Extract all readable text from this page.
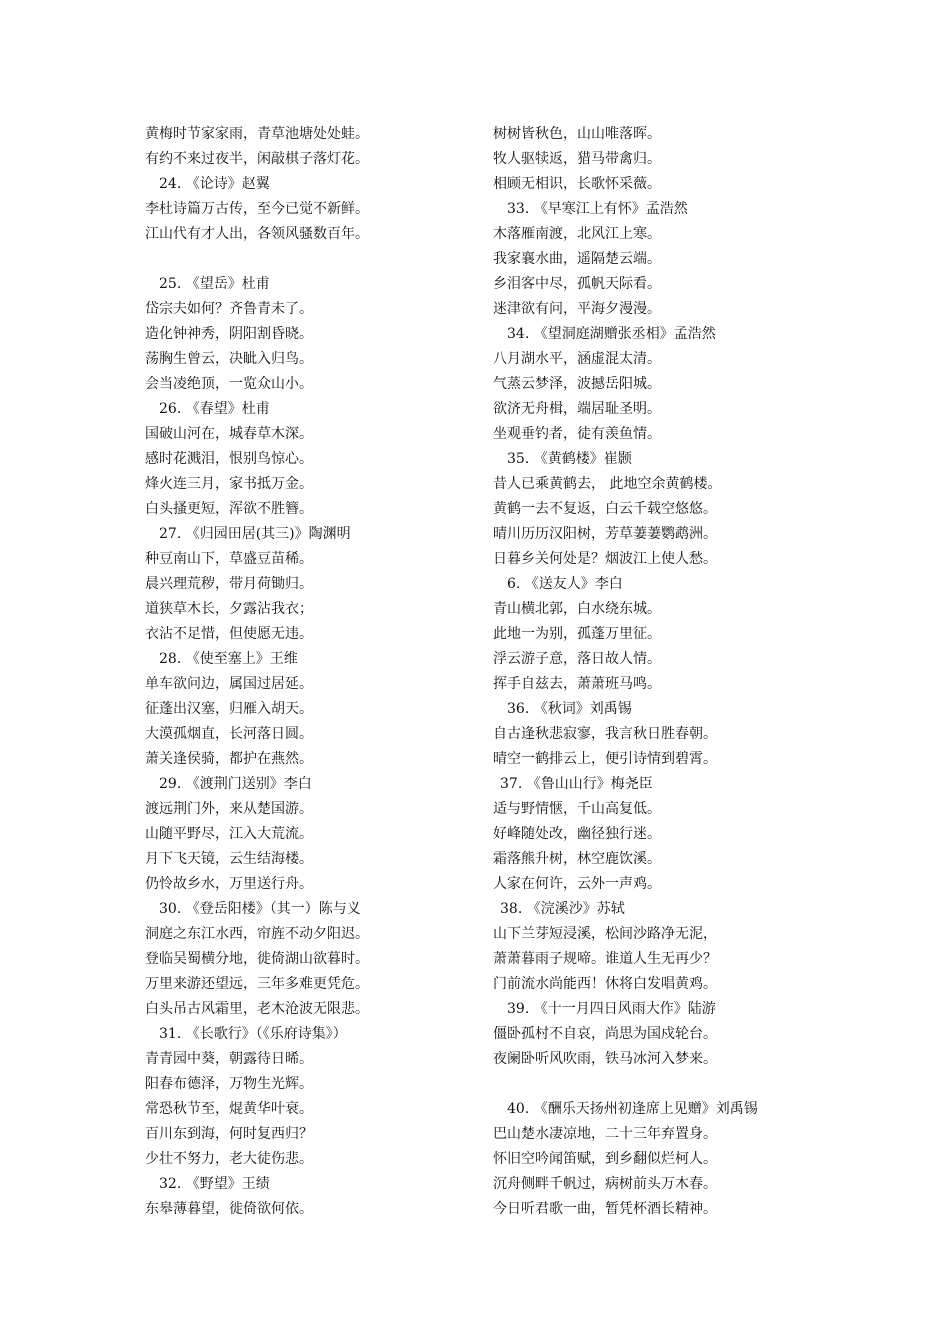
黄梅时节家家雨，青草池塘处处蛙。
有约不来过夜半，闲敲棋子落灯花。
24. 《论诗》赵翼
李杜诗篇万古传，至今已觉不新鲜。
江山代有才人出，各领风骚数百年。
25. 《望岳》杜甫
岱宗夫如何？齐鲁青未了。
造化钟神秀，阴阳割昏晓。
荡胸生曾云，决眦入归鸟。
会当凌绝顶，一览众山小。
26. 《春望》杜甫
国破山河在，城春草木深。
感时花溅泪，恨别鸟惊心。
烽火连三月，家书抵万金。
白头搔更短，浑欲不胜簪。
27. 《归园田居(其三)》陶渊明
种豆南山下，草盛豆苗稀。
晨兴理荒秽，带月荷锄归。
道狭草木长，夕露沾我衣；
衣沾不足惜，但使愿无违。
28. 《使至塞上》王维
单车欲问边，属国过居延。
征蓬出汉塞，归雁入胡天。
大漠孤烟直，长河落日圆。
萧关逢侯骑，都护在燕然。
29. 《渡荆门送别》李白
渡远荆门外，来从楚国游。
山随平野尽，江入大荒流。
月下飞天镜，云生结海楼。
仍怜故乡水，万里送行舟。
30. 《登岳阳楼》（其一）陈与义
洞庭之东江水西，帘旌不动夕阳迟。
登临吴蜀横分地，徙倚湖山欲暮时。
万里来游还望远，三年多难更凭危。
白头吊古风霜里，老木沧波无限悲。
31. 《长歌行》（《乐府诗集》）
青青园中葵，朝露待日晞。
阳春布德泽，万物生光辉。
常恐秋节至，焜黄华叶衰。
百川东到海，何时复西归？
少壮不努力，老大徒伤悲。
32. 《野望》王绩
东皋薄暮望，徙倚欲何依。
树树皆秋色，山山唯落晖。
牧人驱犊返，猎马带禽归。
相顾无相识，长歌怀采薇。
33. 《早寒江上有怀》孟浩然
木落雁南渡，北风江上寒。
我家襄水曲，遥隔楚云端。
乡泪客中尽，孤帆天际看。
迷津欲有问，平海夕漫漫。
34. 《望洞庭湖赠张丞相》孟浩然
八月湖水平，涵虚混太清。
气蒸云梦泽，波撼岳阳城。
欲济无舟楫，端居耻圣明。
坐观垂钓者，徒有羡鱼情。
35. 《黄鹤楼》崔颢
昔人已乘黄鹤去， 此地空余黄鹤楼。
黄鹤一去不复返，白云千载空悠悠。
晴川历历汉阳树，芳草萋萋鹦鹉洲。
日暮乡关何处是？烟波江上使人愁。
6. 《送友人》李白
青山横北郭，白水绕东城。
此地一为别，孤蓬万里征。
浮云游子意，落日故人情。
挥手自兹去，萧萧班马鸣。
36. 《秋词》刘禹锡
自古逢秋悲寂寥，我言秋日胜春朝。
晴空一鹤排云上，便引诗情到碧霄。
37. 《鲁山山行》梅尧臣
适与野情惬，千山高复低。
好峰随处改，幽径独行迷。
霜落熊升树，林空鹿饮溪。
人家在何许，云外一声鸡。
38. 《浣溪沙》苏轼
山下兰芽短浸溪，松间沙路净无泥，
萧萧暮雨子规啼。谁道人生无再少？
门前流水尚能西！休将白发唱黄鸡。
39. 《十一月四日风雨大作》陆游
僵卧孤村不自哀，尚思为国戍轮台。
夜阑卧听风吹雨，铁马冰河入梦来。
40. 《酬乐天扬州初逢席上见赠》刘禹锡
巴山楚水凄凉地，二十三年弃置身。
怀旧空吟闻笛赋，到乡翻似烂柯人。
沉舟侧畔千帆过，病树前头万木春。
今日听君歌一曲，暂凭杯酒长精神。
